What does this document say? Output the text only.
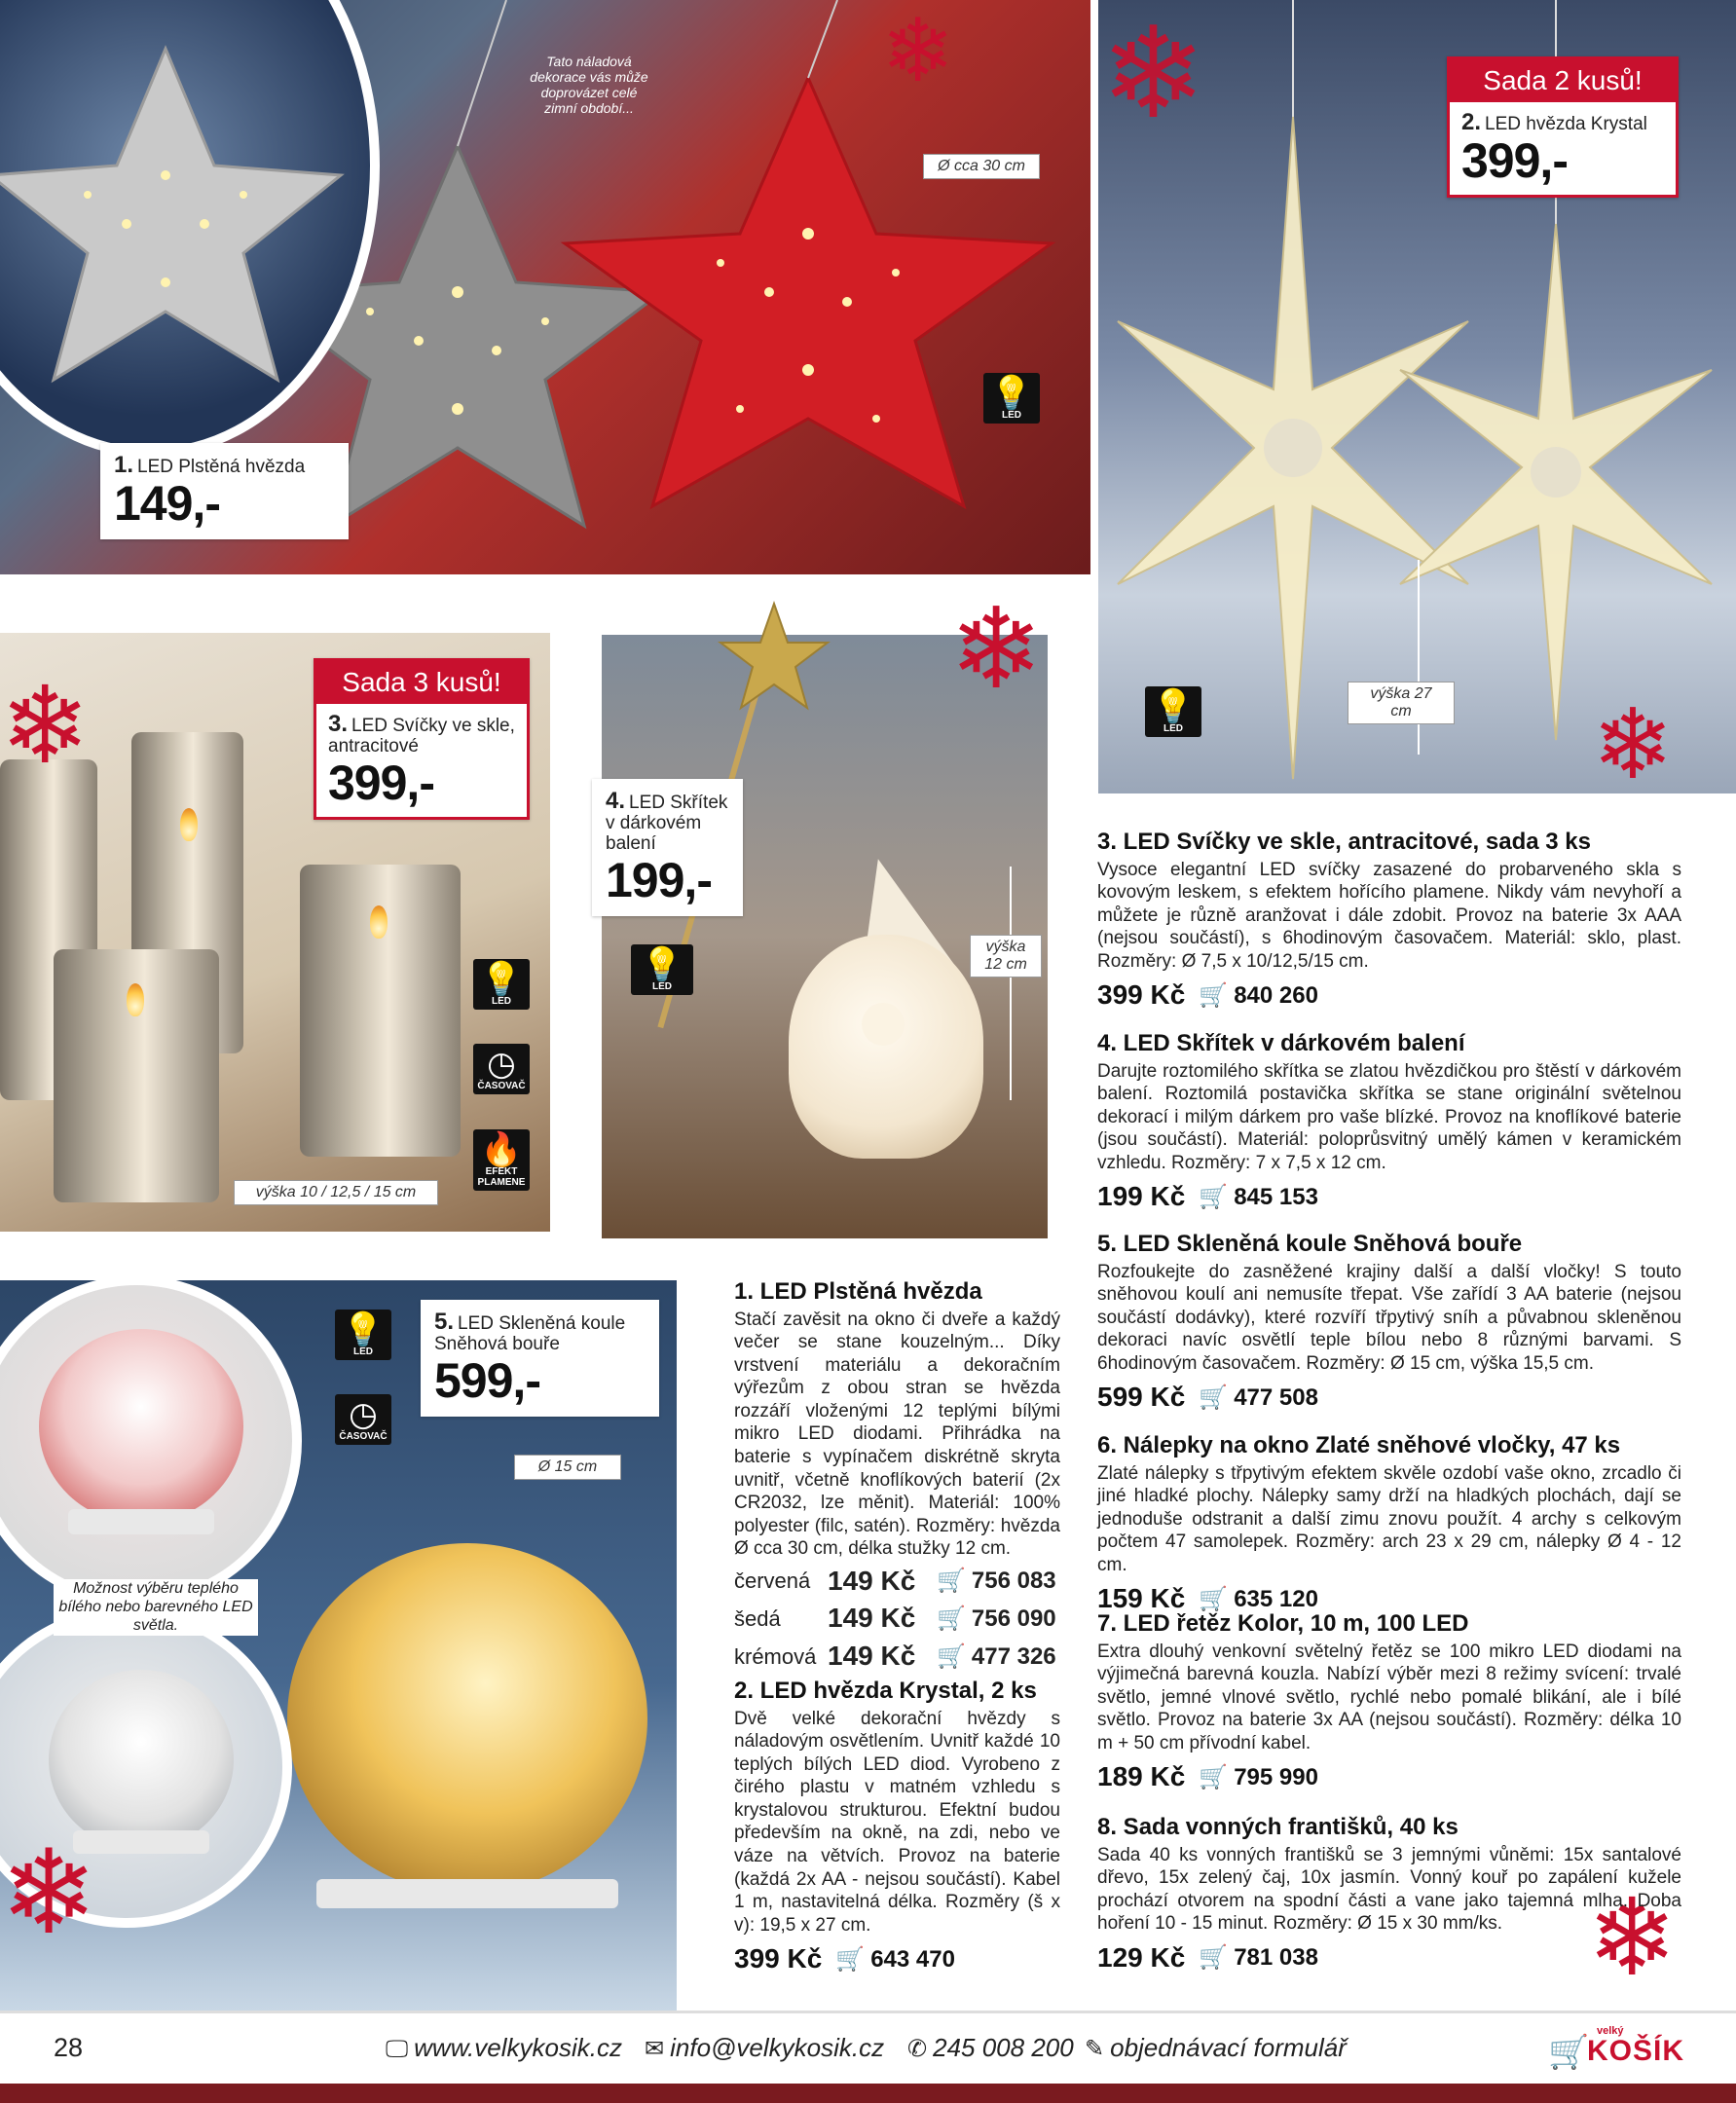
Tato náladová dekorace vás může doprovázet celé zimní období...
Ø cca 30 cm
💡
LED
1. LED Plstěná hvězda
149,-
výška 27 cm
💡
LED
Sada 2 kusů!
2. LED hvězda Krystal
399,-
výška 10 / 12,5 / 15 cm
💡
LED
◷
ČASOVAČ
🔥
EFEKT PLAMENE
Sada 3 kusů!
3. LED Svíčky ve skle, antracitové
399,-
výška 12 cm
💡
LED
4. LED Skřítek v dárkovém balení
199,-
Možnost výběru teplého bílého nebo barevného LED světla.
Ø 15 cm
💡
LED
◷
ČASOVAČ
5. LED Skleněná koule Sněhová bouře
599,-
❄ ❄
❄
❄	❄
❄	❄
1. LED Plstěná hvězda

Stačí zavěsit na okno či dveře a každý večer se stane kouzelným... Díky vrstvení materiálu a dekoračním výřezům z obou stran se hvězda rozzáří vloženými 12 teplými bílými mikro LED diodami. Přihrádka na baterie s vypínačem diskrétně skryta uvnitř, včetně knoflíkových baterií (2x CR2032, lze měnit). Materiál: 100% polyester (filc, satén). Rozměry: hvězda Ø cca 30 cm, délka stužky 12 cm.

červená 149 Kč 🛒 756 083
šedá	149 Kč 🛒 756 090
krémová 149 Kč 🛒 477 326
2. LED hvězda Krystal, 2 ks

Dvě velké dekorační hvězdy s náladovým osvětlením. Uvnitř každé 10 teplých bílých LED diod. Vyrobeno z čirého plastu v matném vzhledu s krystalovou strukturou. Efektní budou především na okně, na zdi, nebo ve váze na větvích. Provoz na baterie (každá 2x AA - nejsou součástí). Kabel 1 m, nastavitelná délka. Rozměry (š x v): 19,5 x 27 cm.

399 Kč 🛒 643 470
3. LED Svíčky ve skle, antracitové, sada 3 ks

Vysoce elegantní LED svíčky zasazené do probarveného skla s kovovým leskem, s efektem hořícího plamene. Nikdy vám nevyhoří a můžete je různě aranžovat i dále zdobit. Provoz na baterie 3x AAA (nejsou součástí), s 6hodinovým časovačem. Materiál: sklo, plast. Rozměry: Ø 7,5 x 10/12,5/15 cm.

399 Kč 🛒 840 260
4. LED Skřítek v dárkovém balení

Darujte roztomilého skřítka se zlatou hvězdičkou pro štěstí v dárkovém balení. Roztomilá postavička skřítka se stane originální světelnou dekorací i milým dárkem pro vaše blízké. Provoz na knoflíkové baterie (jsou součástí). Materiál: poloprůsvitný umělý kámen v keramickém vzhledu. Rozměry: 7 x 7,5 x 12 cm.

199 Kč 🛒 845 153
5. LED Skleněná koule Sněhová bouře

Rozfoukejte do zasněžené krajiny další a další vločky! S touto sněhovou koulí ani nemusíte třepat. Vše zařídí 3 AA baterie (nejsou součástí dodávky), které rozvíří třpytivý sníh a půvabnou skleněnou dekoraci navíc osvětlí teple bílou nebo 8 různými barvami. S 6hodinovým časovačem. Rozměry: Ø 15 cm, výška 15,5 cm.

599 Kč 🛒 477 508
6. Nálepky na okno Zlaté sněhové vločky, 47 ks

Zlaté nálepky s třpytivým efektem skvěle ozdobí vaše okno, zrcadlo či jiné hladké plochy. Nálepky samy drží na hladkých plochách, dají se jednoduše odstranit a další zimu znovu použít. 4 archy s celkovým počtem 47 samolepek. Rozměry: arch 23 x 29 cm, nálepky Ø 4 - 12 cm.

159 Kč 🛒 635 120
7. LED řetěz Kolor, 10 m, 100 LED

Extra dlouhý venkovní světelný řetěz se 100 mikro LED diodami na výjimečná barevná kouzla. Nabízí výběr mezi 8 režimy svícení: trvalé světlo, jemné vlnové světlo, rychlé nebo pomalé blikání, ale i bílé světlo. Provoz na baterie 3x AA (nejsou součástí). Rozměry: délka 10 m + 50 cm přívodní kabel.

189 Kč 🛒 795 990
8. Sada vonných františků, 40 ks

Sada 40 ks vonných františků se 3 jemnými vůněmi: 15x santalové dřevo, 15x zelený čaj, 10x jasmín. Vonný kouř po zapálení kužele prochází otvorem na spodní části a vane jako tajemná mlha. Doba hoření 10 - 15 minut. Rozměry: Ø 15 x 30 mm/ks.

129 Kč 🛒 781 038
28	🖵 www.velkykosik.cz ✉ info@velkykosik.cz ✆ 245 008 200 ✎ objednávací formulář	🛒
velký
KOŠÍK
